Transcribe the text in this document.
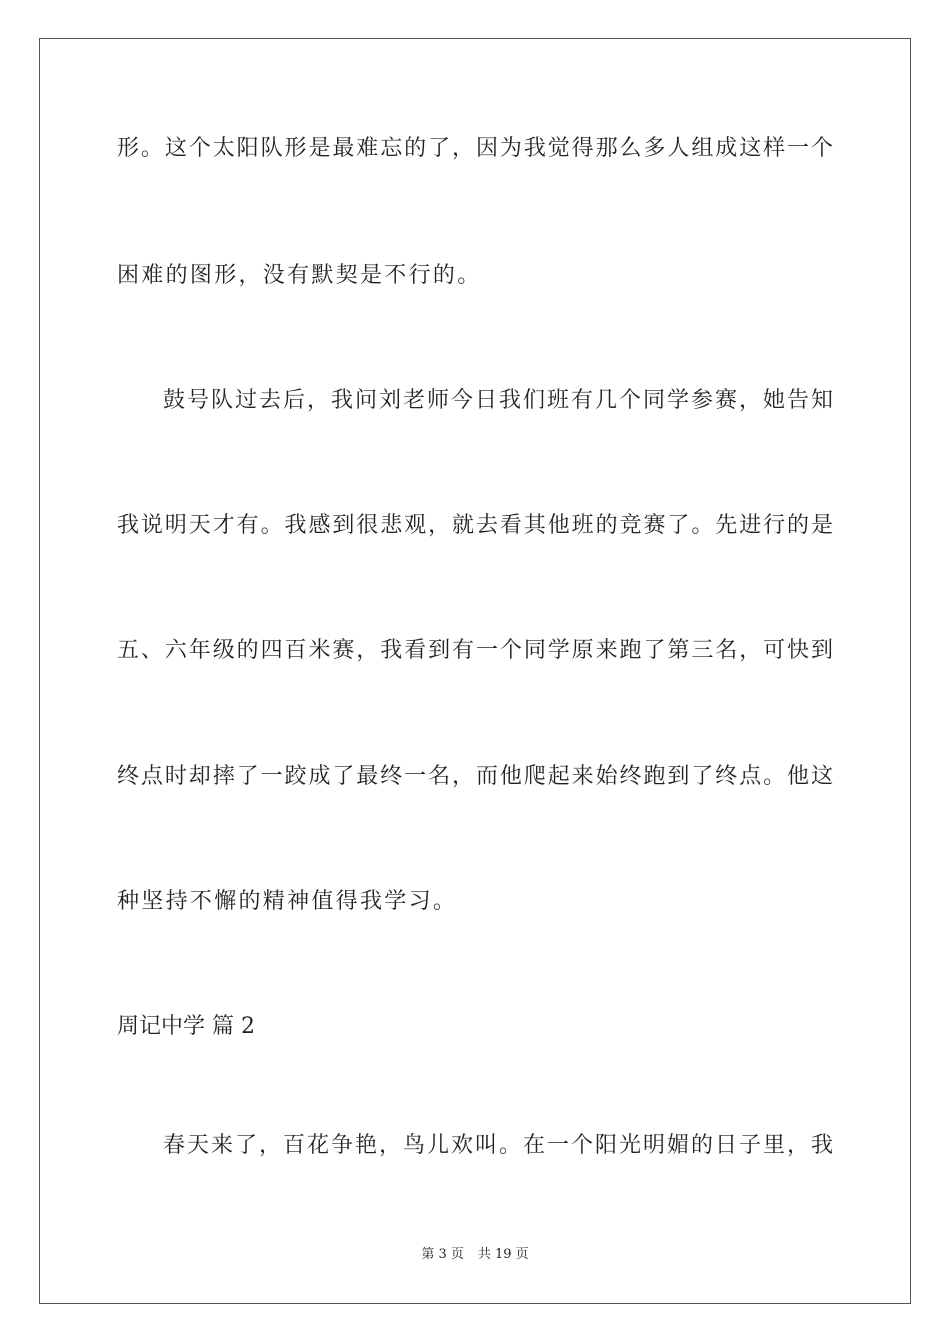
形。这个太阳队形是最难忘的了，因为我觉得那么多人组成这样一个
困难的图形，没有默契是不行的。
鼓号队过去后，我问刘老师今日我们班有几个同学参赛，她告知
我说明天才有。我感到很悲观，就去看其他班的竞赛了。先进行的是
五、六年级的四百米赛，我看到有一个同学原来跑了第三名，可快到
终点时却摔了一跤成了最终一名，而他爬起来始终跑到了终点。他这
种坚持不懈的精神值得我学习。
周记中学 篇 2
春天来了，百花争艳，鸟儿欢叫。在一个阳光明媚的日子里，我
第 3 页 共 19 页
